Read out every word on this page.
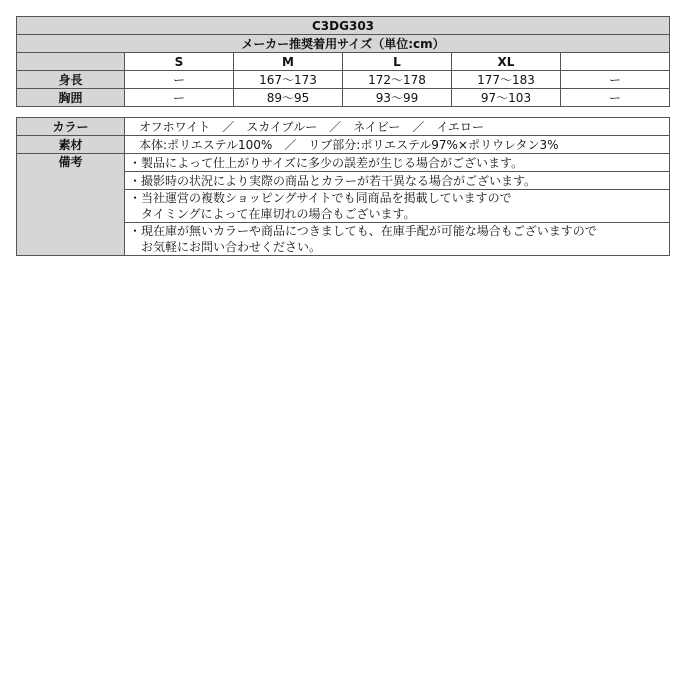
C3DG303					
メーカー推奨着用サイズ（単位:cm）					
	S	M	L	XL	
身長	ー	167～173	172～178	177～183	ー
胸囲	ー	89～95	93～99	97～103	ー
カラー	オフホワイト　／　スカイブルー　／　ネイビー　／　イエロー
素材	本体:ポリエステル100%　／　リブ部分:ポリエステル97%×ポリウレタン3%
備考	・製品によって仕上がりサイズに多少の誤差が生じる場合がございます。

	・撮影時の状況により実際の商品とカラーが若干異なる場合がございます。

	・当社運営の複数ショッピングサイトでも同商品を掲載していますので
　タイミングによって在庫切れの場合もございます。

	・現在庫が無いカラーや商品につきましても、在庫手配が可能な場合もございますので
　お気軽にお問い合わせください。
